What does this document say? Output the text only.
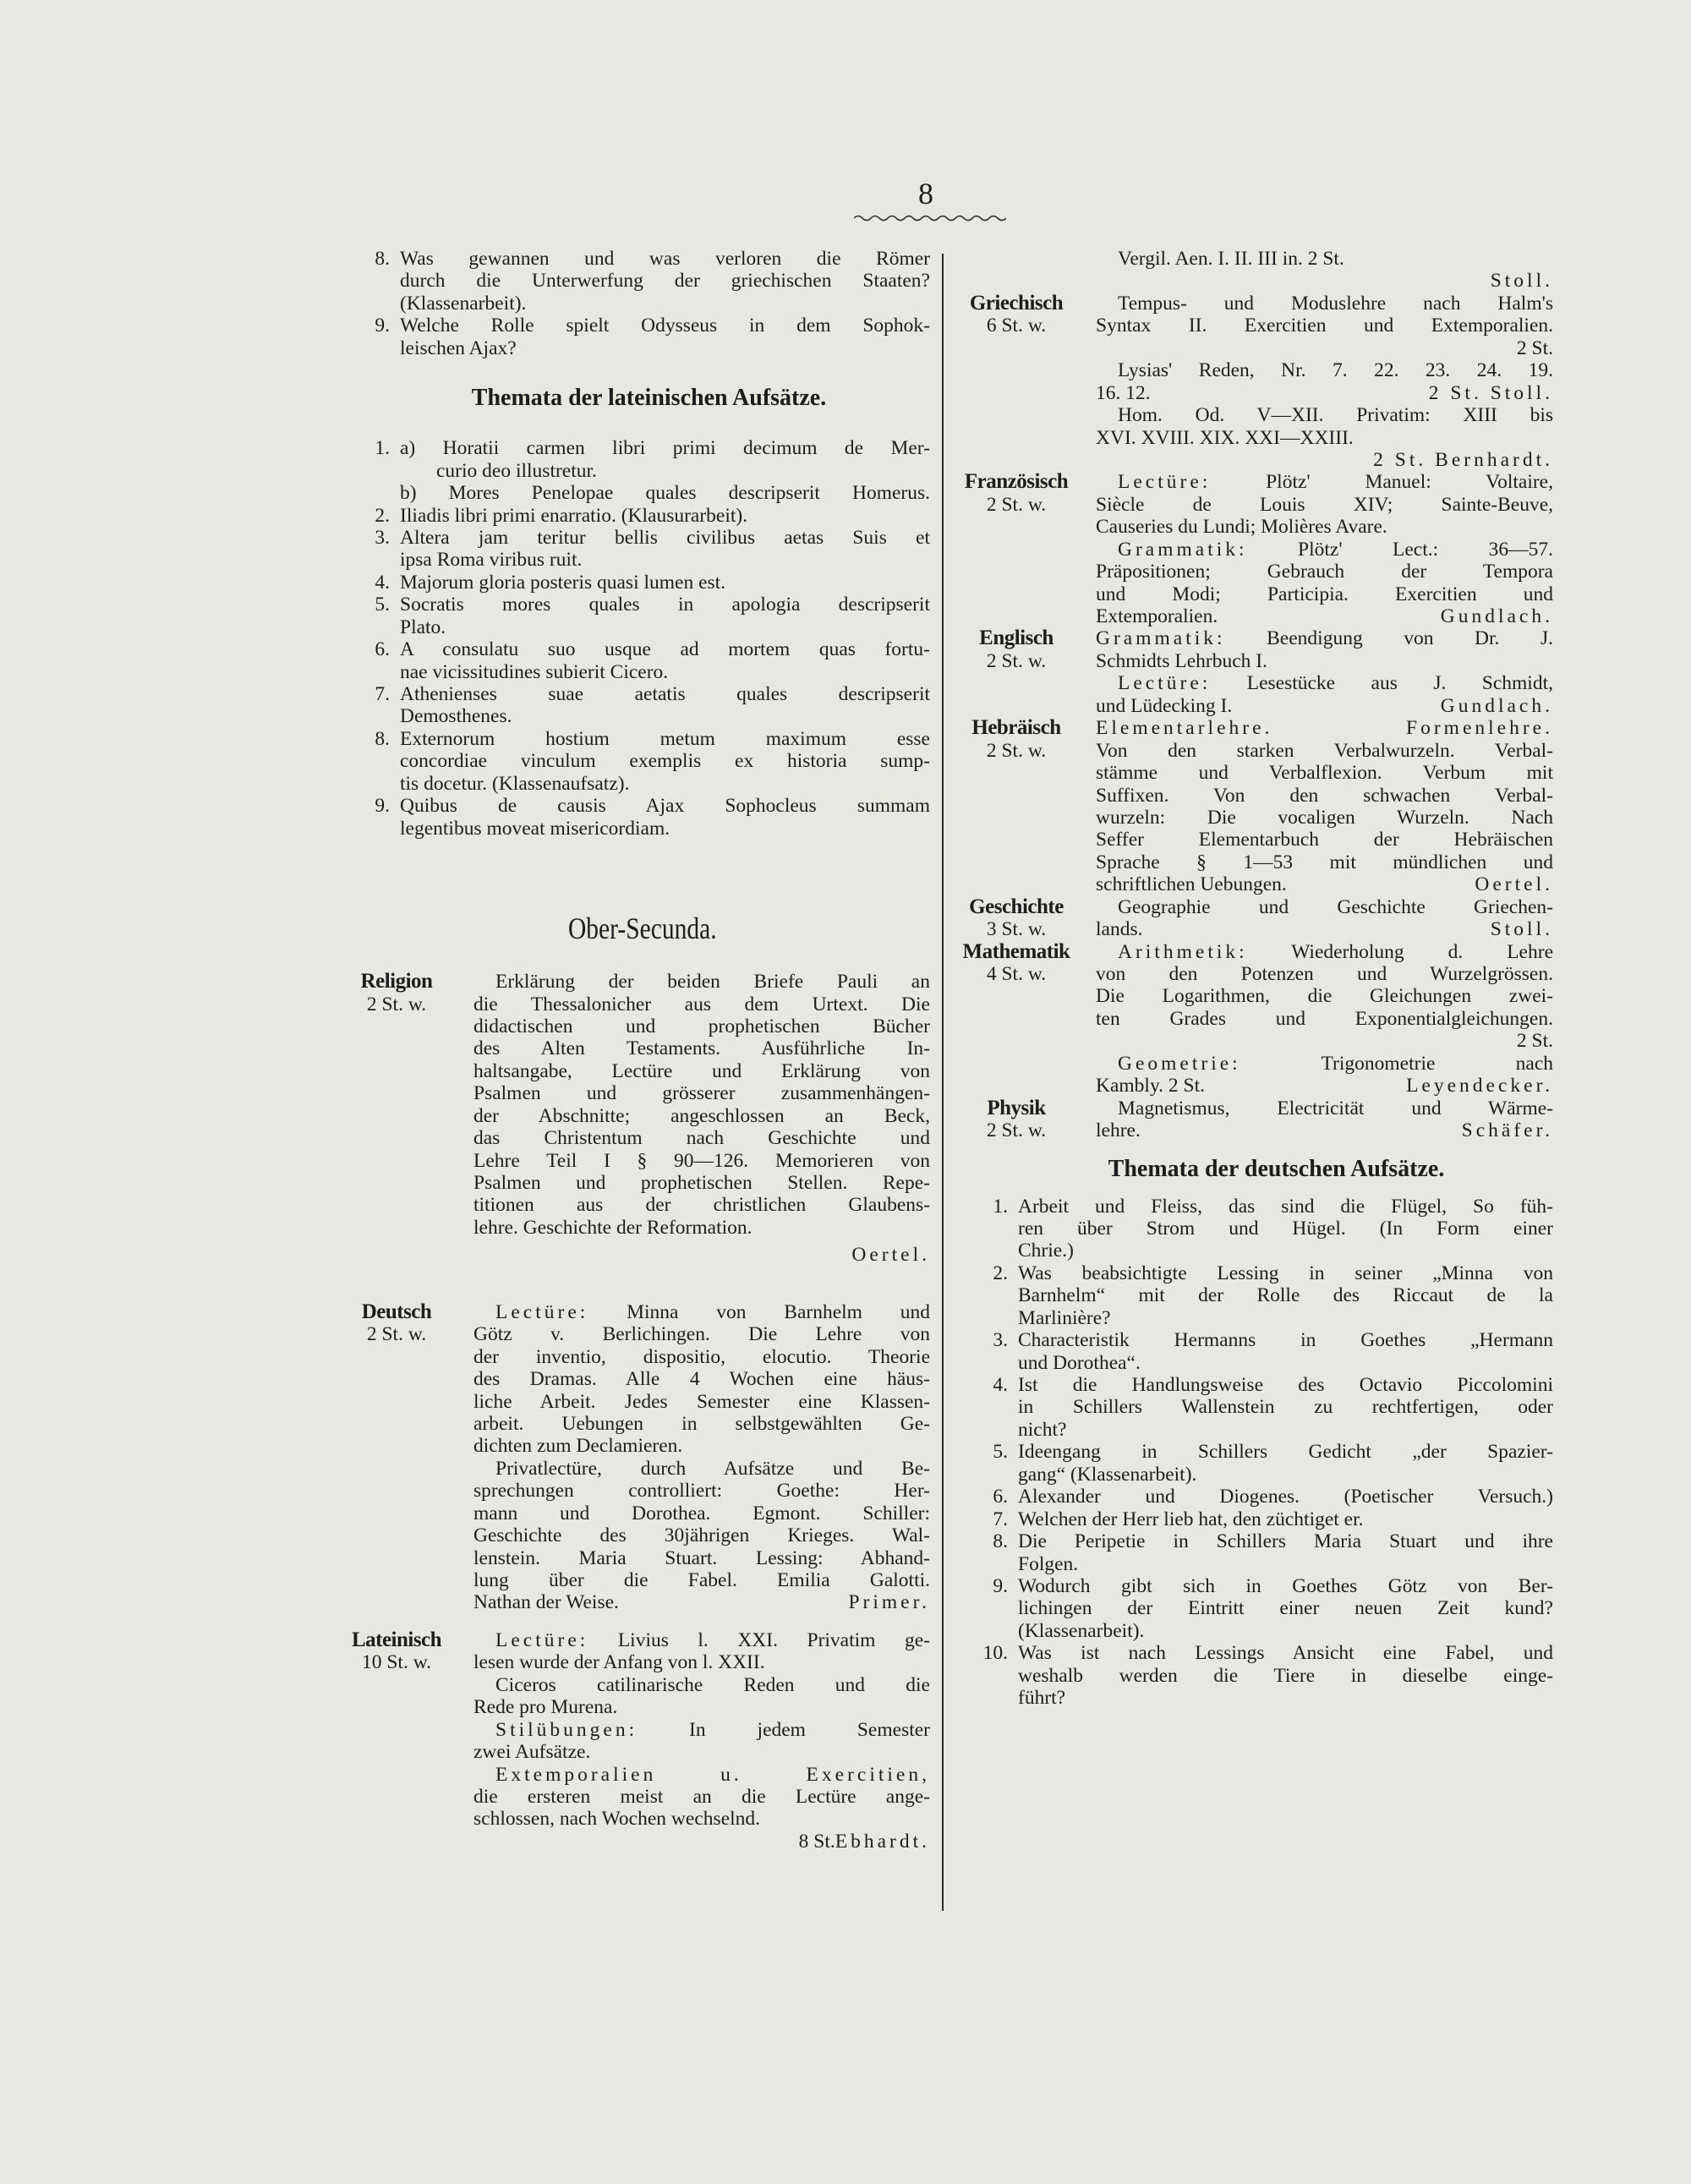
8
8. Was gewannen und was verloren die Römer
durch die Unterwerfung der griechischen Staaten?
(Klassenarbeit).
9. Welche Rolle spielt Odysseus in dem Sophok-
leischen Ajax?
Themata der lateinischen Aufsätze.
1. a) Horatii carmen libri primi decimum de Mer-
curio deo illustretur.
b) Mores Penelopae quales descripserit Homerus.
2. Iliadis libri primi enarratio. (Klausurarbeit).
3. Altera jam teritur bellis civilibus aetas Suis et
ipsa Roma viribus ruit.
4. Majorum gloria posteris quasi lumen est.
5. Socratis mores quales in apologia descripserit
Plato.
6. A consulatu suo usque ad mortem quas fortu-
nae vicissitudines subierit Cicero.
7. Athenienses suae aetatis quales descripserit
Demosthenes.
8. Externorum hostium metum maximum esse
concordiae vinculum exemplis ex historia sump-
tis docetur. (Klassenaufsatz).
9. Quibus de causis Ajax Sophocleus summam
legentibus moveat misericordiam.
Ober-Secunda.
Religion	Erklärung der beiden Briefe Pauli an
2 St. w.	die Thessalonicher aus dem Urtext. Die
didactischen und prophetischen Bücher
des Alten Testaments. Ausführliche In-
haltsangabe, Lectüre und Erklärung von
Psalmen und grösserer zusammenhängen-
der Abschnitte; angeschlossen an Beck,
das Christentum nach Geschichte und
Lehre Teil I § 90—126. Memorieren von
Psalmen und prophetischen Stellen. Repe-
titionen aus der christlichen Glaubens-
lehre. Geschichte der Reformation.
Oertel.
Deutsch	Lectüre: Minna von Barnhelm und
2 St. w.	Götz v. Berlichingen. Die Lehre von
der inventio, dispositio, elocutio. Theorie
des Dramas. Alle 4 Wochen eine häus-
liche Arbeit. Jedes Semester eine Klassen-
arbeit. Uebungen in selbstgewählten Ge-
dichten zum Declamieren.
Privatlectüre, durch Aufsätze und Be-
sprechungen controlliert: Goethe: Her-
mann und Dorothea. Egmont. Schiller:
Geschichte des 30jährigen Krieges. Wal-
lenstein. Maria Stuart. Lessing: Abhand-
lung über die Fabel. Emilia Galotti.
Nathan der Weise.	Primer.
Lateinisch	Lectüre: Livius l. XXI. Privatim ge-
10 St. w.	lesen wurde der Anfang von l. XXII.
Ciceros catilinarische Reden und die
Rede pro Murena.
Stilübungen:	In jedem Semester
zwei Aufsätze.
Extemporalien u. Exercitien,
die ersteren meist an die Lectüre ange-
schlossen, nach Wochen wechselnd.
8 St. Ebhardt.
Vergil. Aen. I. II. III in. 2 St.
Stoll.
Griechisch	Tempus- und Moduslehre nach Halm's
6 St. w.	Syntax II. Exercitien und Extemporalien.
2 St.
Lysias' Reden, Nr. 7. 22. 23. 24. 19.
16. 12.	2 St. Stoll.
Hom. Od. V—XII. Privatim: XIII bis
XVI. XVIII. XIX. XXI—XXIII.
2 St. Bernhardt.
Französisch	Lectüre:	Plötz' Manuel: Voltaire,
2 St. w.	Siècle de Louis XIV; Sainte-Beuve,
Causeries du Lundi; Molières Avare.
Grammatik:	Plötz' Lect.: 36—57.
Präpositionen; Gebrauch der Tempora
und Modi; Participia. Exercitien und
Extemporalien.	Gundlach.
Englisch	Grammatik: Beendigung von Dr. J.
2 St. w.	Schmidts Lehrbuch I.
Lectüre: Lesestücke aus J. Schmidt,
und Lüdecking I.	Gundlach.
Hebräisch	Elementarlehre. Formenlehre.
2 St. w.	Von den starken Verbalwurzeln. Verbal-
stämme und Verbalflexion. Verbum mit
Suffixen. Von den schwachen Verbal-
wurzeln: Die vocaligen Wurzeln. Nach
Seffer Elementarbuch der Hebräischen
Sprache § 1—53 mit mündlichen und
schriftlichen Uebungen.	Oertel.
Geschichte	Geographie und Geschichte Griechen-
3 St. w.	lands.	Stoll.
Mathematik	Arithmetik: Wiederholung d. Lehre
4 St. w.	von den Potenzen und Wurzelgrössen.
Die Logarithmen, die Gleichungen zwei-
ten Grades und Exponentialgleichungen.
2 St.
Geometrie:	Trigonometrie nach
Kambly. 2 St.	Leyendecker.
Physik	Magnetismus, Electricität und Wärme-
2 St. w.	lehre.	Schäfer.
Themata der deutschen Aufsätze.
1. Arbeit und Fleiss, das sind die Flügel, So füh-
ren über Strom und Hügel. (In Form einer
Chrie.)
2. Was beabsichtigte Lessing in seiner „Minna von
Barnhelm“ mit der Rolle des Riccaut de la
Marlinière?
3. Characteristik Hermanns in Goethes „Hermann
und Dorothea“.
4. Ist die Handlungsweise des Octavio Piccolomini
in Schillers Wallenstein zu rechtfertigen, oder
nicht?
5. Ideengang in Schillers Gedicht „der Spazier-
gang“ (Klassenarbeit).
6. Alexander und Diogenes. (Poetischer Versuch.)
7. Welchen der Herr lieb hat, den züchtiget er.
8. Die Peripetie in Schillers Maria Stuart und ihre
Folgen.
9. Wodurch gibt sich in Goethes Götz von Ber-
lichingen der Eintritt einer neuen Zeit kund?
(Klassenarbeit).
10. Was ist nach Lessings Ansicht eine Fabel, und
weshalb werden die Tiere in dieselbe einge-
führt?
